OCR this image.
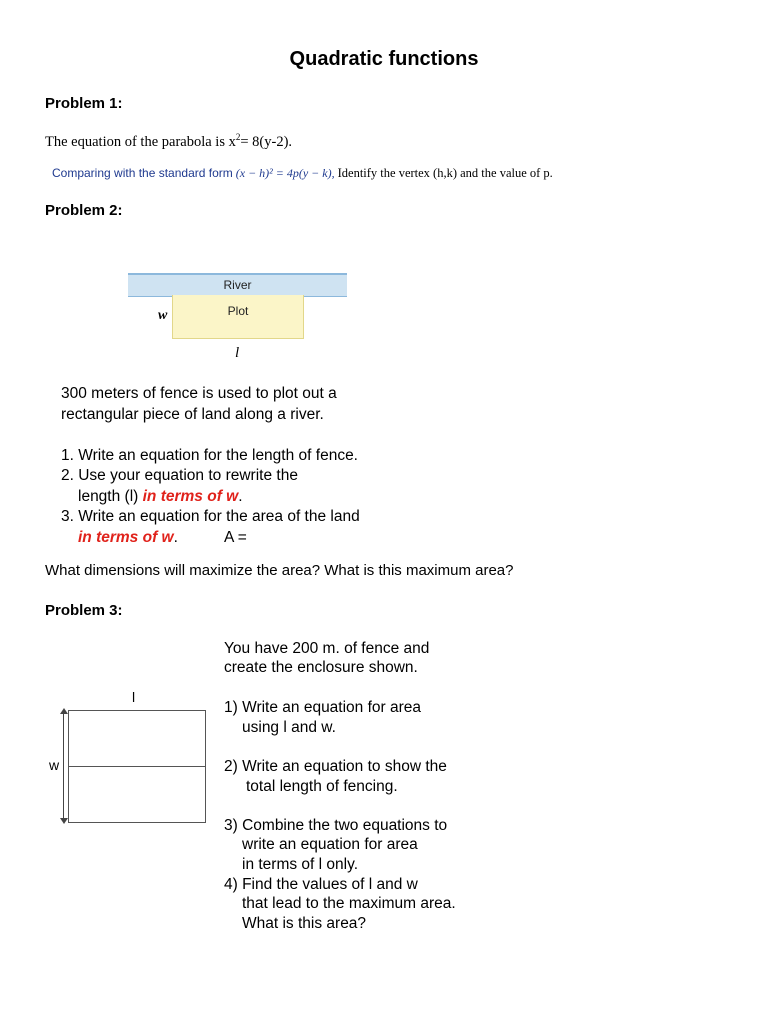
Quadratic functions
Problem 1:
The equation of the parabola is $x^2= 8(y-2)$.
Comparing with the standard form (x − h)² = 4p(y − k), Identify the vertex (h,k) and the value of p.
Problem 2:
River
Plot
w
l
300 meters of fence is used to plot out a
rectangular piece of land along a river.
1. Write an equation for the length of fence.
2. Use your equation to rewrite the
length (l) in terms of w.
3. Write an equation for the area of the land
in terms of w.	A =
What dimensions will maximize the area? What is this maximum area?
Problem 3:
l
w
You have 200 m. of fence and
create the enclosure shown.
1) Write an equation for area
using l and w.
2) Write an equation to show the
total length of fencing.
3) Combine the two equations to
write an equation for area
in terms of l only.
4) Find the values of l and w
that lead to the maximum area.
What is this area?
